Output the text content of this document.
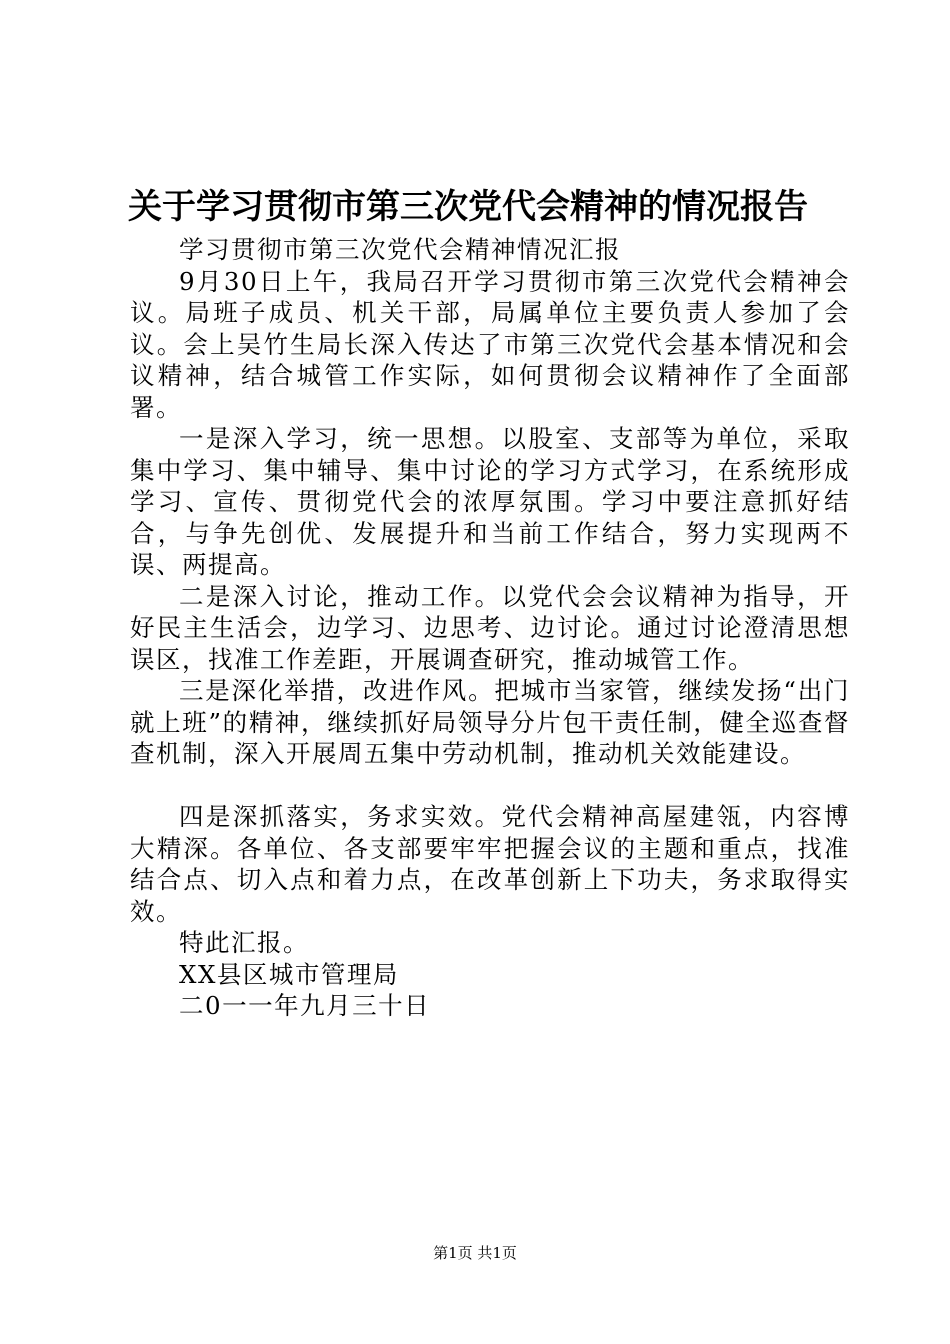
关于学习贯彻市第三次党代会精神的情况报告

学习贯彻市第三次党代会精神情况汇报

9月30日上午，我局召开学习贯彻市第三次党代会精神会议。局班子成员、机关干部，局属单位主要负责人参加了会议。会上吴竹生局长深入传达了市第三次党代会基本情况和会议精神，结合城管工作实际，如何贯彻会议精神作了全面部署。

一是深入学习，统一思想。以股室、支部等为单位，采取集中学习、集中辅导、集中讨论的学习方式学习，在系统形成学习、宣传、贯彻党代会的浓厚氛围。学习中要注意抓好结合，与争先创优、发展提升和当前工作结合，努力实现两不误、两提高。

二是深入讨论，推动工作。以党代会会议精神为指导，开好民主生活会，边学习、边思考、边讨论。通过讨论澄清思想误区，找准工作差距，开展调查研究，推动城管工作。

三是深化举措，改进作风。把城市当家管，继续发扬“出门就上班”的精神，继续抓好局领导分片包干责任制，健全巡查督查机制，深入开展周五集中劳动机制，推动机关效能建设。

四是深抓落实，务求实效。党代会精神高屋建瓴，内容博大精深。各单位、各支部要牢牢把握会议的主题和重点，找准结合点、切入点和着力点，在改革创新上下功夫，务求取得实效。

特此汇报。

XX县区城市管理局

二0一一年九月三十日

第1页 共1页
